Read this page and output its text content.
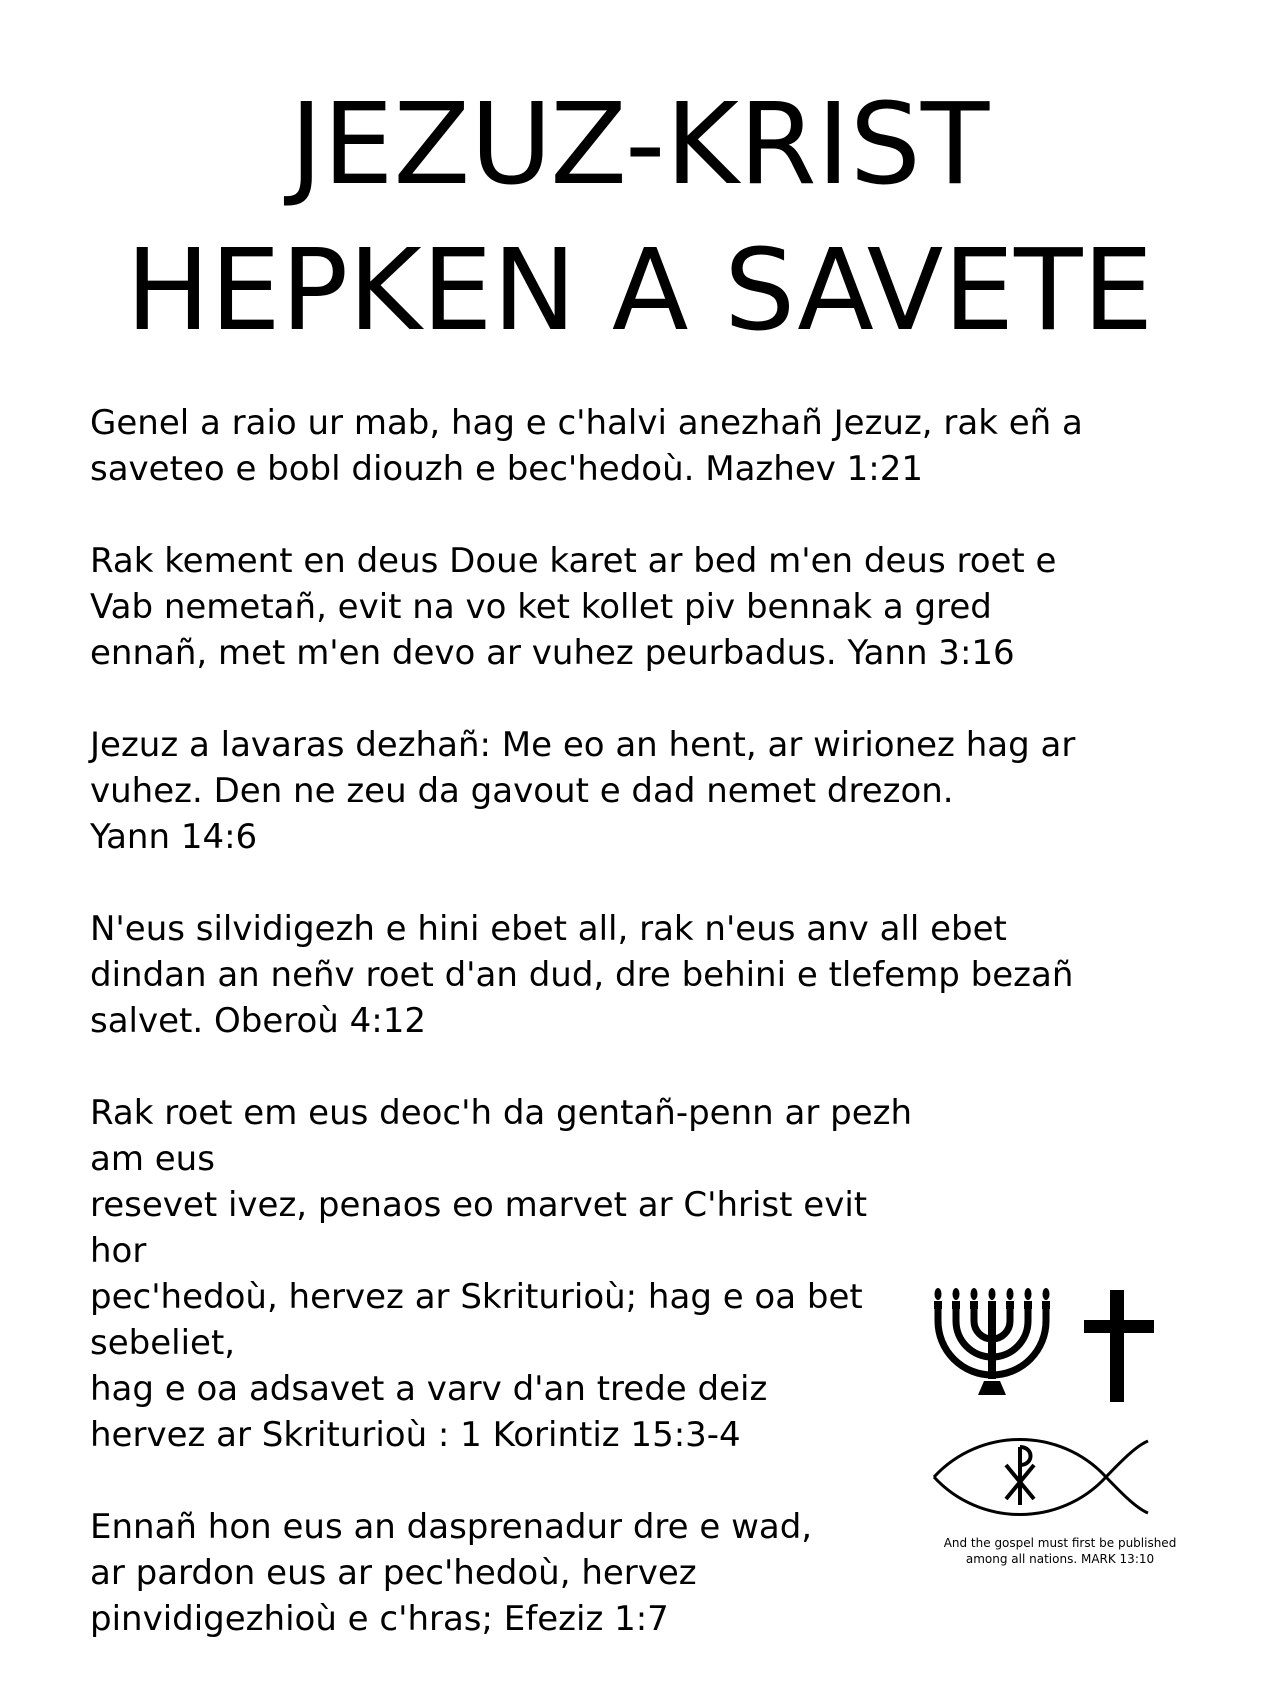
JEZUZ-KRIST
HEPKEN A SAVETE

Genel a raio ur mab, hag e c'halvi anezhañ Jezuz, rak eñ a
saveteo e bobl diouzh e bec'hedoù. Mazhev 1:21

Rak kement en deus Doue karet ar bed m'en deus roet e
Vab nemetañ, evit na vo ket kollet piv bennak a gred
ennañ, met m'en devo ar vuhez peurbadus. Yann 3:16

Jezuz a lavaras dezhañ: Me eo an hent, ar wirionez hag ar
vuhez. Den ne zeu da gavout e dad nemet drezon.
Yann 14:6

N'eus silvidigezh e hini ebet all, rak n'eus anv all ebet
dindan an neñv roet d'an dud, dre behini e tlefemp bezañ
salvet. Oberoù 4:12

Rak roet em eus deoc'h da gentañ-penn ar pezh am eus
resevet ivez, penaos eo marvet ar C'hrist evit hor
pec'hedoù, hervez ar Skriturioù; hag e oa bet sebeliet,
hag e oa adsavet a varv d'an trede deiz
hervez ar Skriturioù : 1 Korintiz 15:3-4

Ennañ hon eus an dasprenadur dre e wad,
ar pardon eus ar pec'hedoù, hervez
pinvidigezhioù e c'hras; Efeziz 1:7

And the gospel must first be published
among all nations. MARK 13:10
